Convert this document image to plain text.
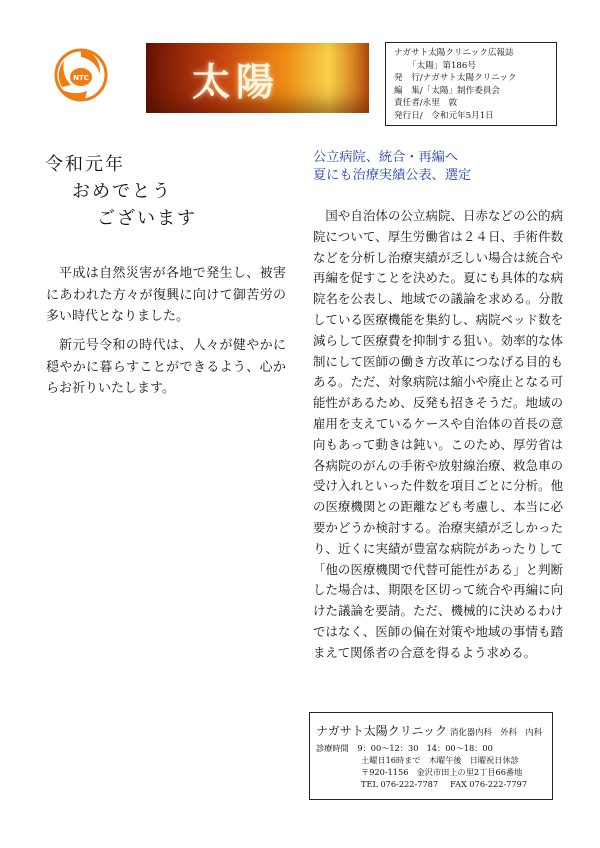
NTC	太陽
ナガサト太陽クリニック広報誌
「太陽」第186号
発　行/ナガサト太陽クリニック
編　集/「太陽」制作委員会
責任者/永里　敦
発行日/　令和元年5月1日
令和元年
おめでとう
ございます

平成は自然災害が各地で発生し、被害にあわれた方々が復興に向けて御苦労の多い時代となりました。

新元号令和の時代は、人々が健やかに穏やかに暮らすことができるよう、心からお祈りいたします。

公立病院、統合・再編へ
夏にも治療実績公表、選定

国や自治体の公立病院、日赤などの公的病院について、厚生労働省は２４日、手術件数などを分析し治療実績が乏しい場合は統合や再編を促すことを決めた。夏にも具体的な病院名を公表し、地域での議論を求める。分散している医療機能を集約し、病院ベッド数を減らして医療費を抑制する狙い。効率的な体制にして医師の働き方改革につなげる目的もある。ただ、対象病院は縮小や廃止となる可能性があるため、反発も招きそうだ。地域の雇用を支えているケースや自治体の首長の意向もあって動きは鈍い。このため、厚労省は各病院のがんの手術や放射線治療、救急車の受け入れといった件数を項目ごとに分析。他の医療機関との距離なども考慮し、本当に必要かどうか検討する。治療実績が乏しかったり、近くに実績が豊富な病院があったりして「他の医療機関で代替可能性がある」と判断した場合は、期限を区切って統合や再編に向けた議論を要請。ただ、機械的に決めるわけではなく、医師の偏在対策や地域の事情も踏まえて関係者の合意を得るよう求める。

ナガサト太陽クリニック 消化器内科　外科　内科
診療時間 9：00～12：30　14：00～18：00
土曜日16時まで　木曜午後　日曜祝日休診
〒920-1156　金沢市田上の里2丁目66番地
TEL 076-222-7787 FAX 076-222-7797
